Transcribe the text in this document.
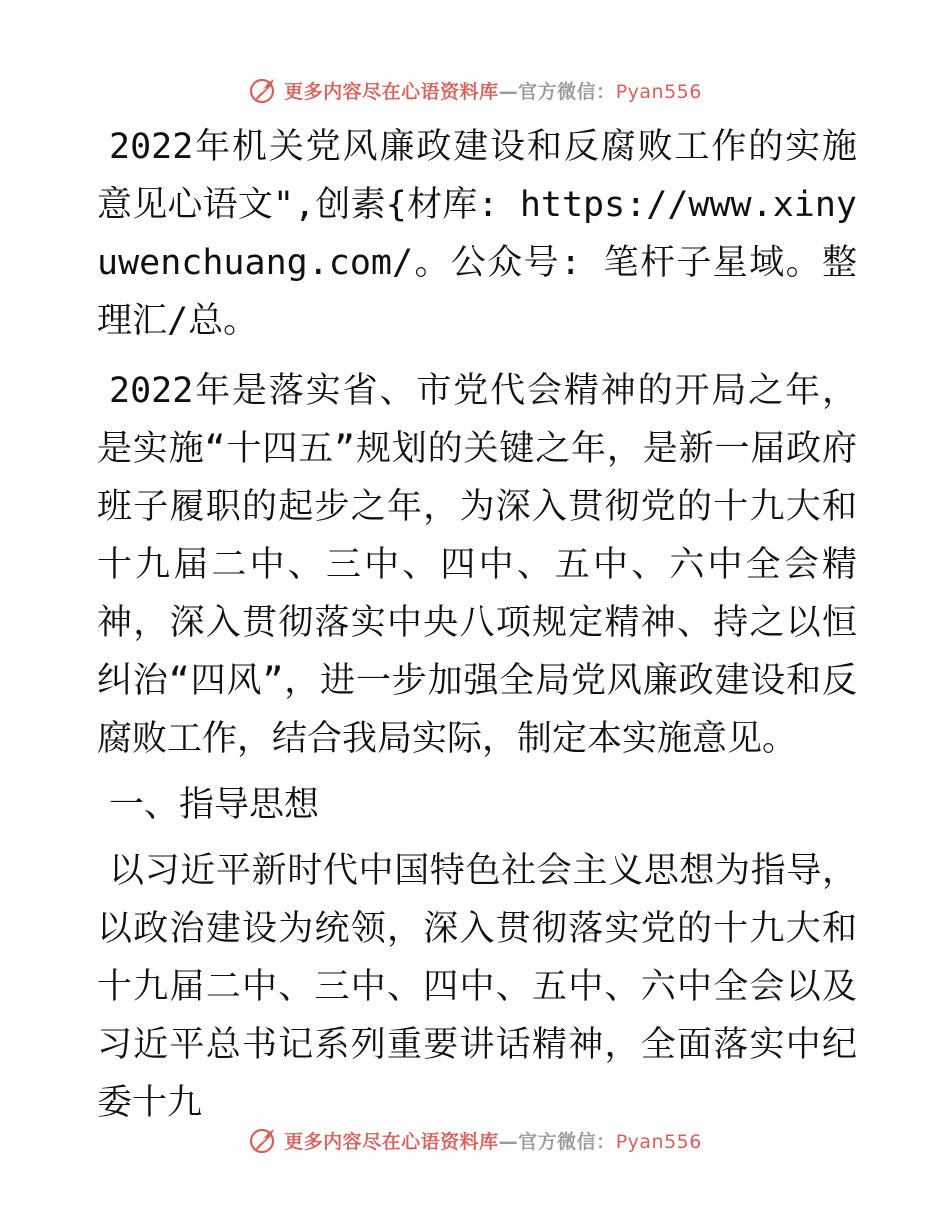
更多内容尽在心语资料库—官方微信：Pyan556

2022年机关党风廉政建设和反腐败工作的实施意见心语文",创素{材库: https://www.xinyuwenchuang.com/。公众号: 笔杆子星域。整理汇/总。

2022年是落实省、市党代会精神的开局之年，是实施“十四五”规划的关键之年，是新一届政府班子履职的起步之年，为深入贯彻党的十九大和十九届二中、三中、四中、五中、六中全会精神，深入贯彻落实中央八项规定精神、持之以恒纠治“四风”，进一步加强全局党风廉政建设和反腐败工作，结合我局实际，制定本实施意见。

一、指导思想

以习近平新时代中国特色社会主义思想为指导，以政治建设为统领，深入贯彻落实党的十九大和十九届二中、三中、四中、五中、六中全会以及习近平总书记系列重要讲话精神，全面落实中纪委十九

更多内容尽在心语资料库—官方微信：Pyan556
